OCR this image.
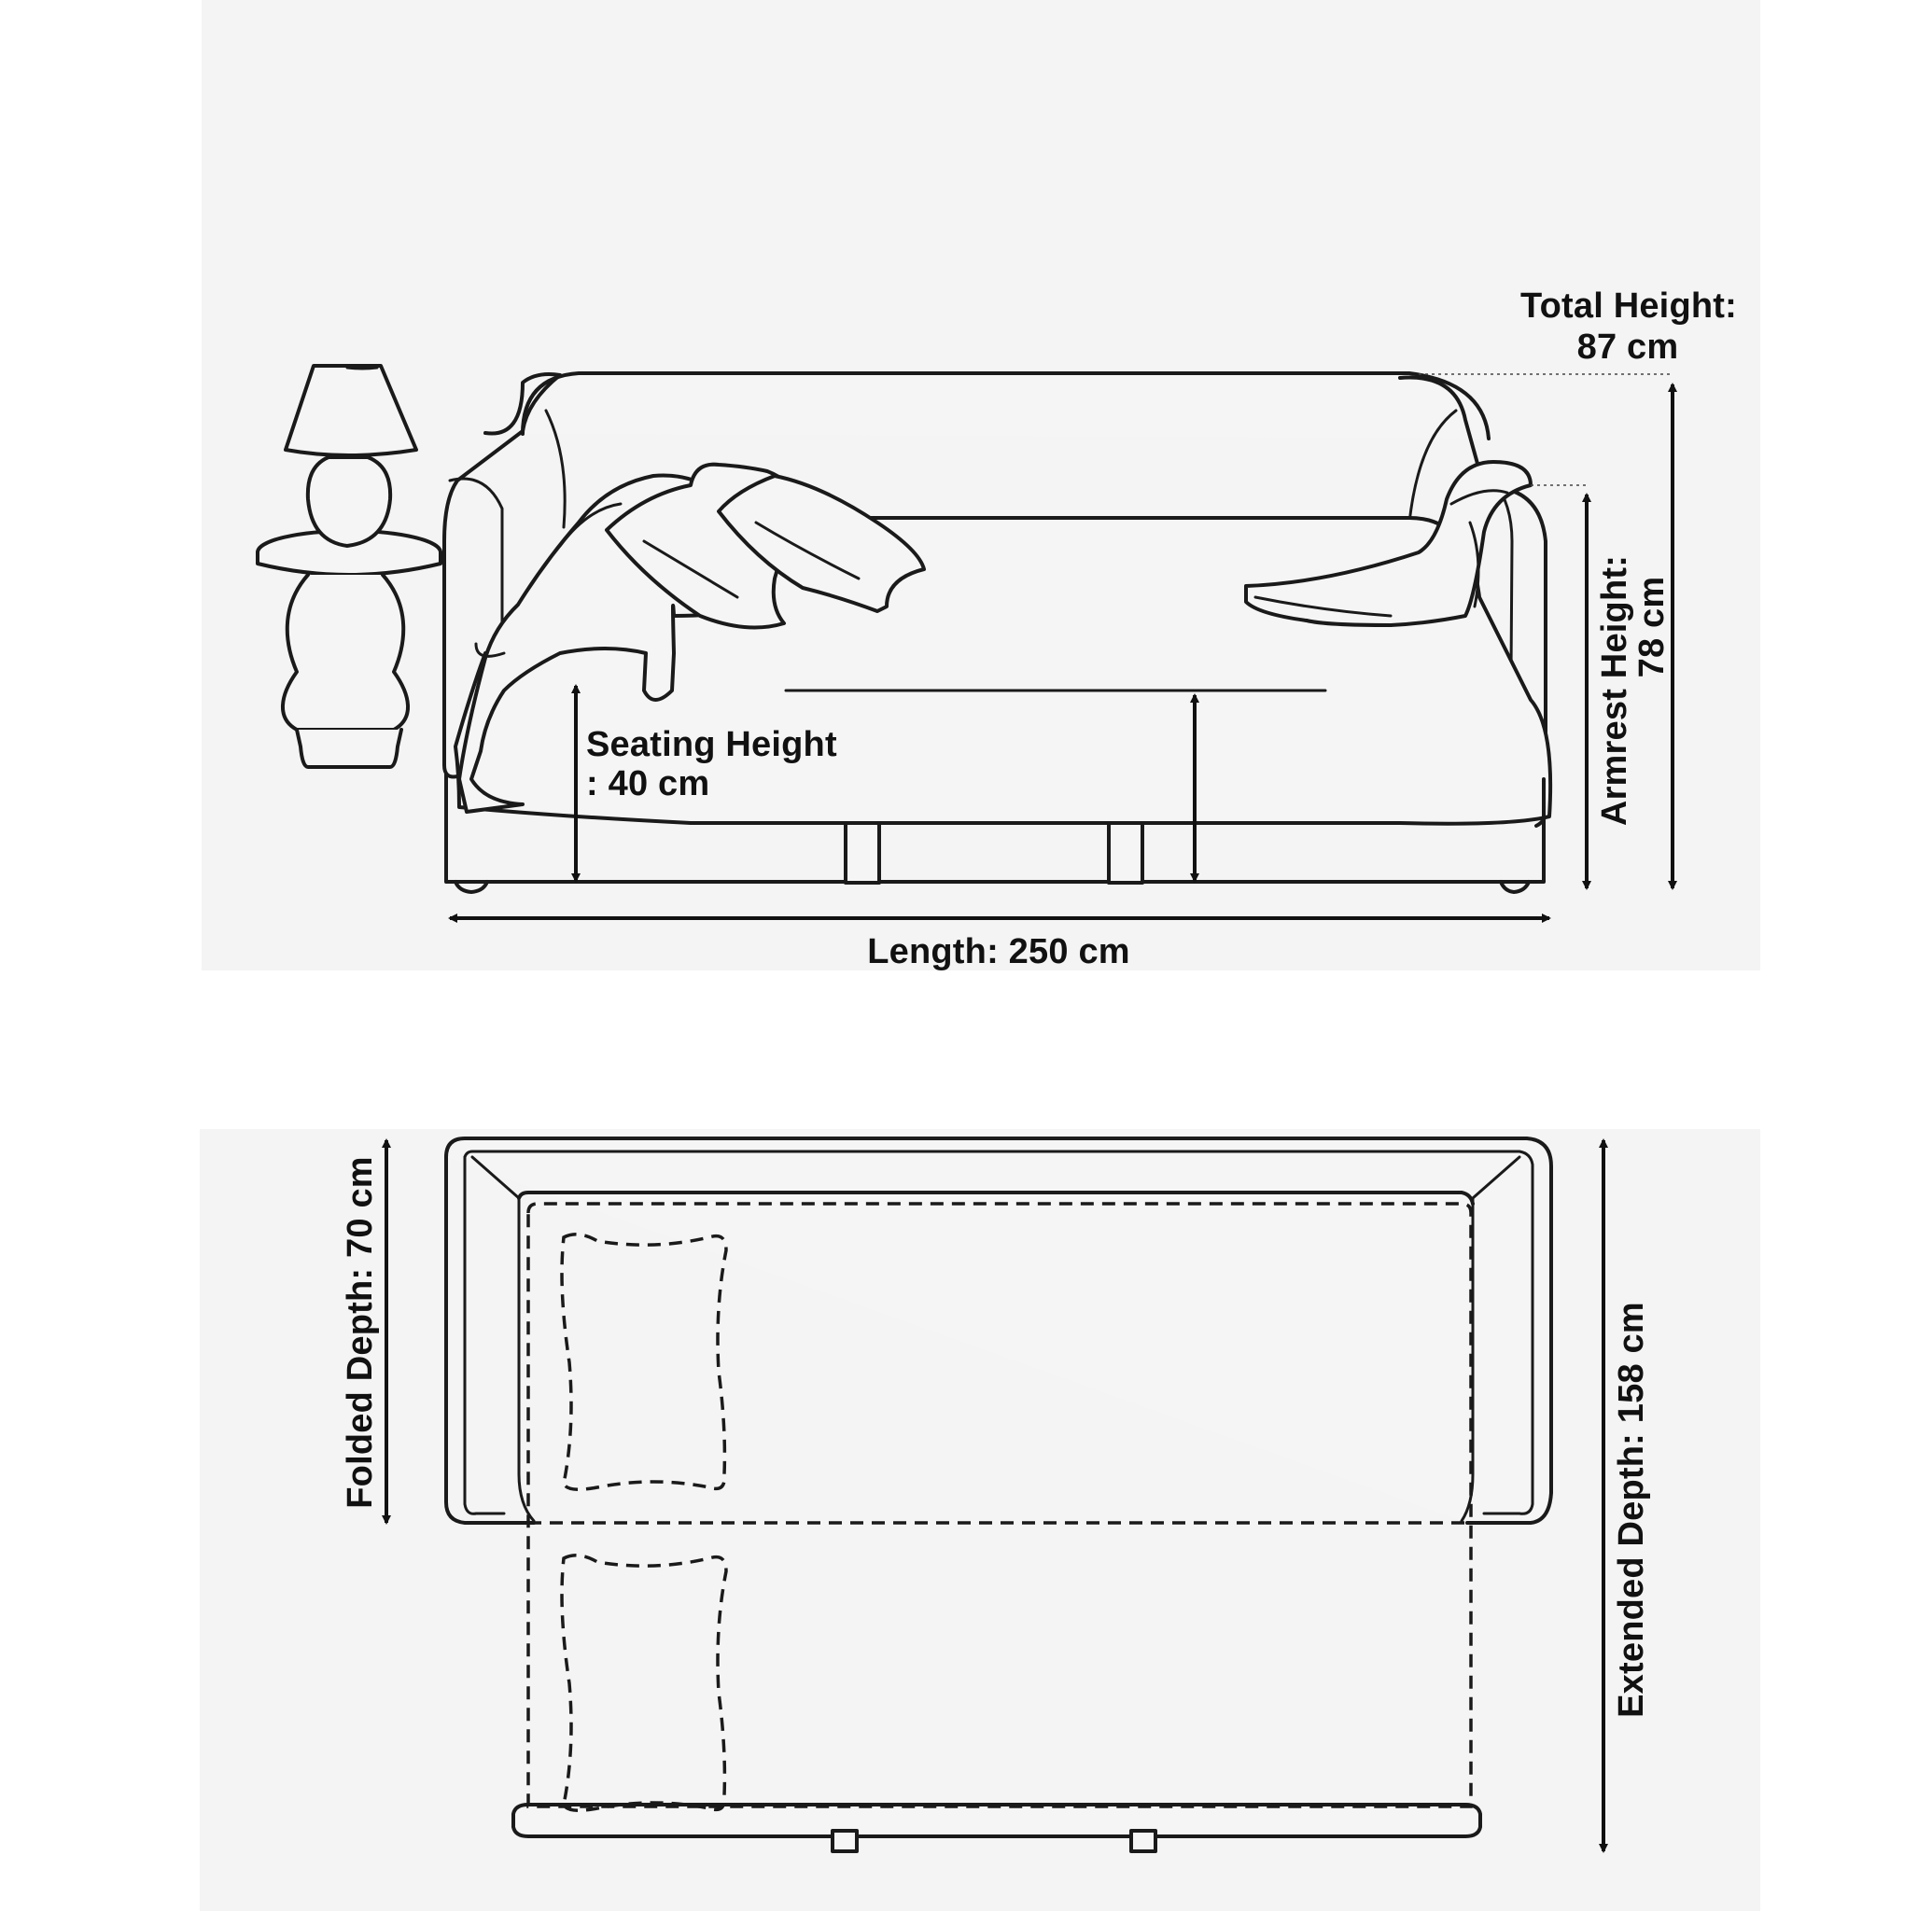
Total Height:
87 cm
Armrest Height:
78 cm
Seating Height
: 40 cm
Length: 250 cm
Folded Depth: 70 cm	Extended Depth: 158 cm
